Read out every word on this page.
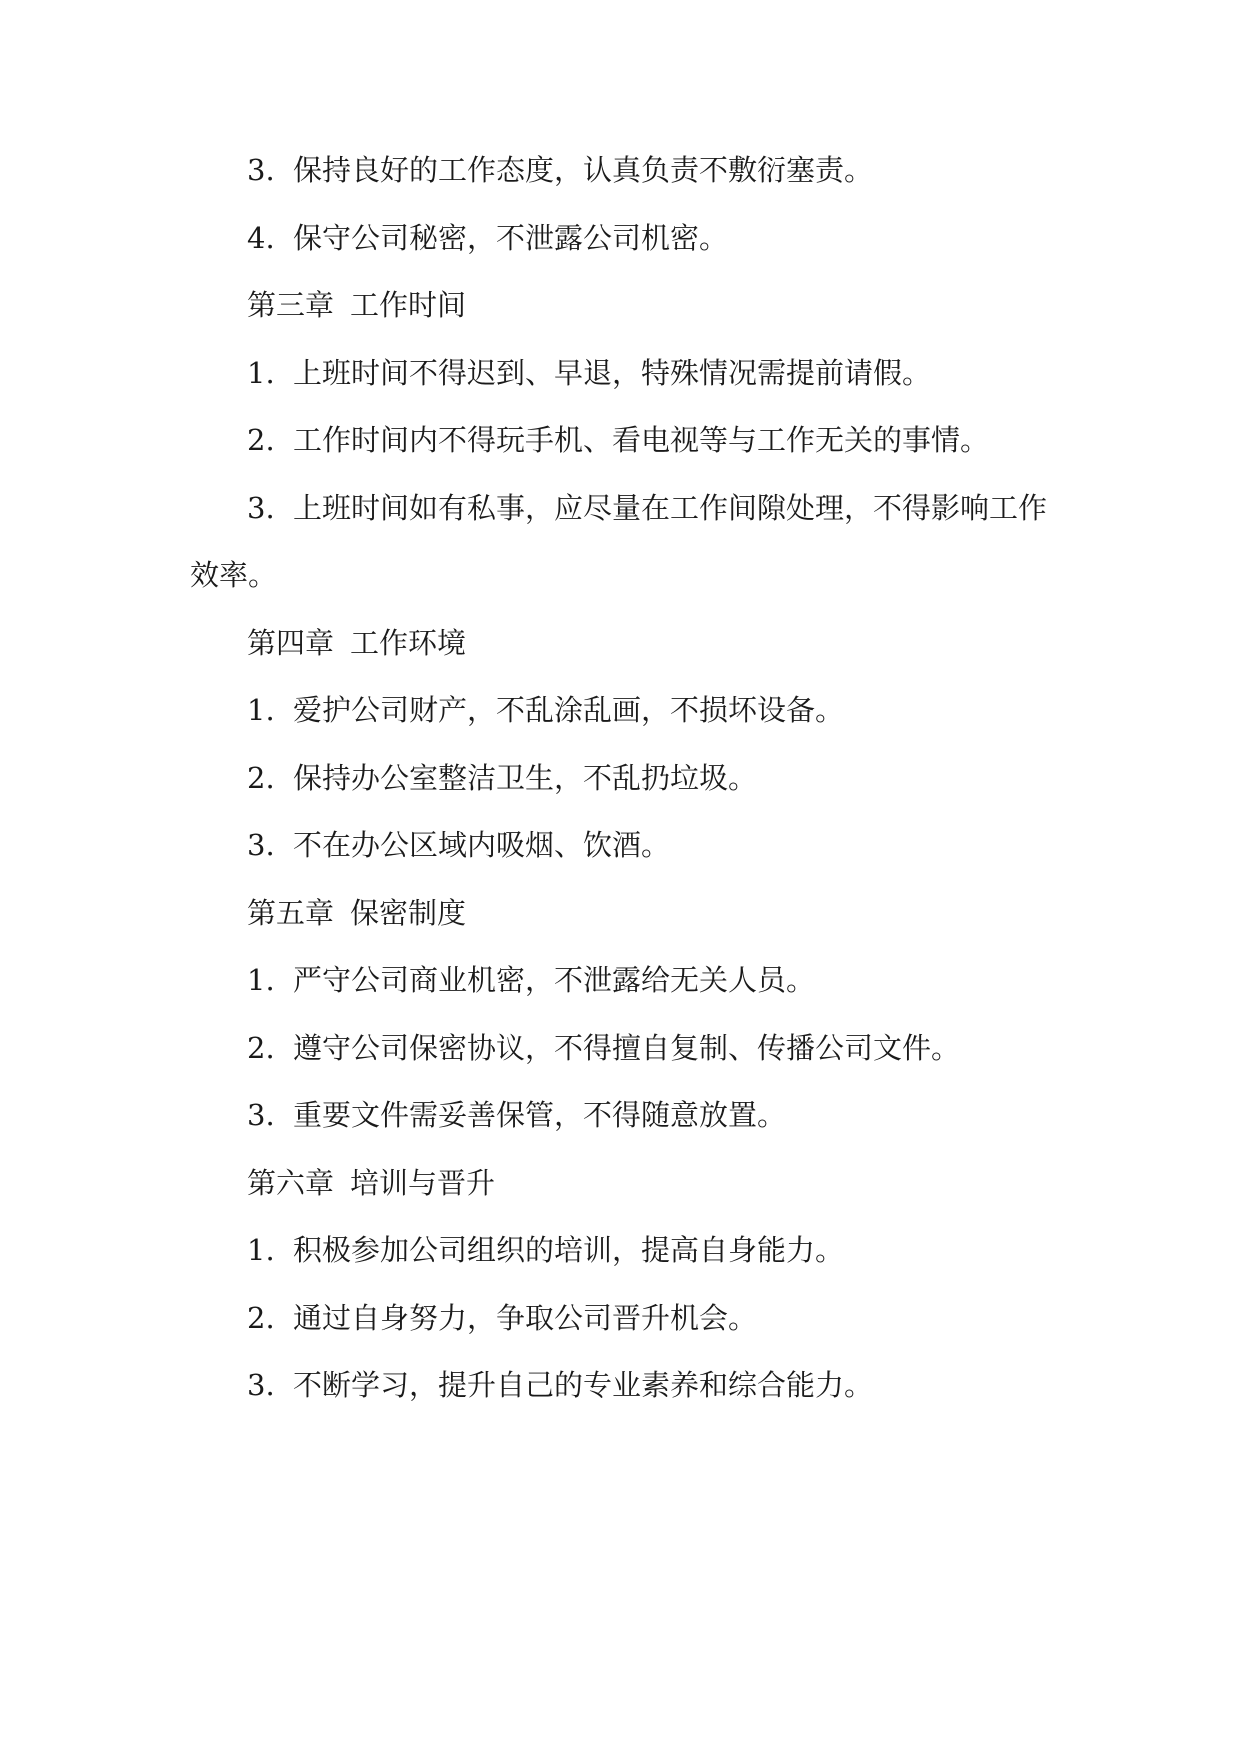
3. 保持良好的工作态度，认真负责不敷衍塞责。
4. 保守公司秘密，不泄露公司机密。
第三章 工作时间
1. 上班时间不得迟到、早退，特殊情况需提前请假。
2. 工作时间内不得玩手机、看电视等与工作无关的事情。
3. 上班时间如有私事，应尽量在工作间隙处理，不得影响工作
效率。
第四章 工作环境
1. 爱护公司财产，不乱涂乱画，不损坏设备。
2. 保持办公室整洁卫生，不乱扔垃圾。
3. 不在办公区域内吸烟、饮酒。
第五章 保密制度
1. 严守公司商业机密，不泄露给无关人员。
2. 遵守公司保密协议，不得擅自复制、传播公司文件。
3. 重要文件需妥善保管，不得随意放置。
第六章 培训与晋升
1. 积极参加公司组织的培训，提高自身能力。
2. 通过自身努力，争取公司晋升机会。
3. 不断学习，提升自己的专业素养和综合能力。
